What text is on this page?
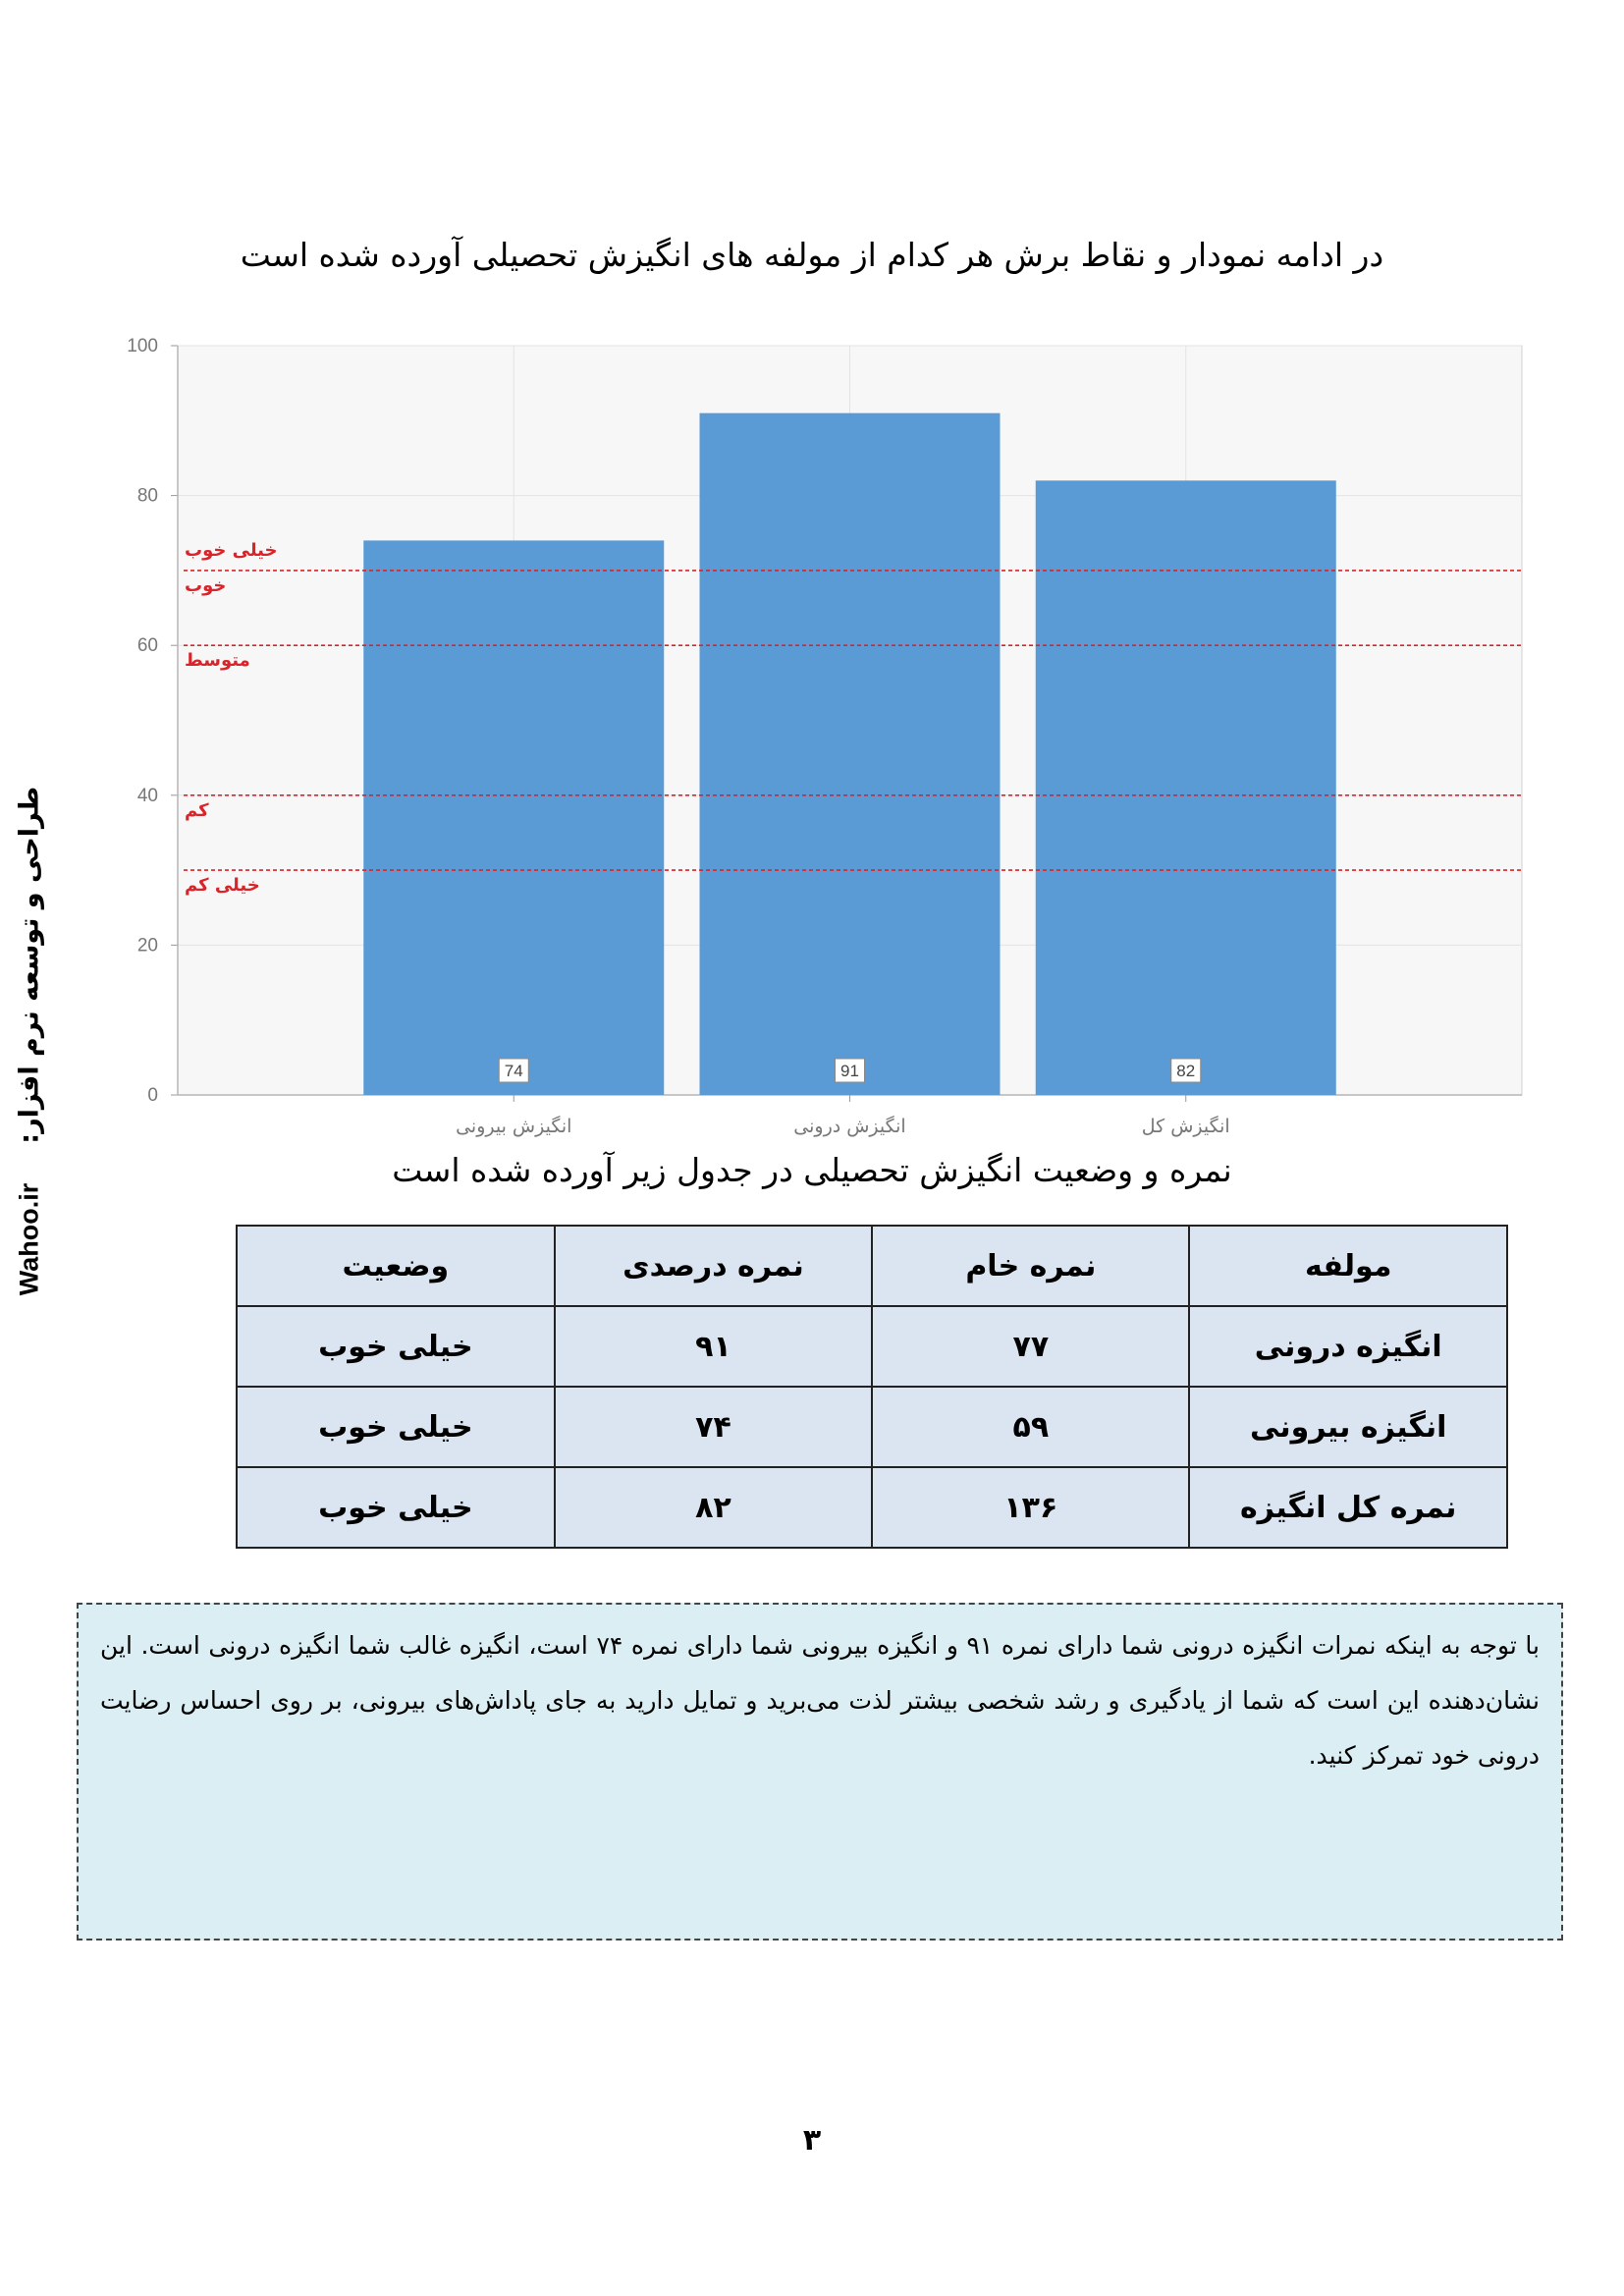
در ادامه نمودار و نقاط برش هر کدام از مولفه های انگیزش تحصیلی آورده شده است
Wahoo.irطراحی و توسعه نرم افزار:	0
20
40
60
80
100
74
انگیزش بیرونی
91
انگیزش درونی
82
انگیزش کل
خیلی خوب
خوب
متوسط
کم
خیلی کم
نمره و وضعیت انگیزش تحصیلی در جدول زیر آورده شده است
مولفه	نمره خام	نمره درصدی	وضعیت
انگیزه درونی	۷۷	۹۱	خیلی خوب
انگیزه بیرونی	۵۹	۷۴	خیلی خوب
نمره کل انگیزه	۱۳۶	۸۲	خیلی خوب
با توجه به اینکه نمرات انگیزه درونی شما دارای نمره ۹۱ و انگیزه بیرونی شما دارای نمره ۷۴ است، انگیزه غالب شما انگیزه درونی است. این نشان‌دهنده این است که شما از یادگیری و رشد شخصی بیشتر لذت می‌برید و تمایل دارید به جای پاداش‌های بیرونی، بر روی احساس رضایت درونی خود تمرکز کنید.
۳
